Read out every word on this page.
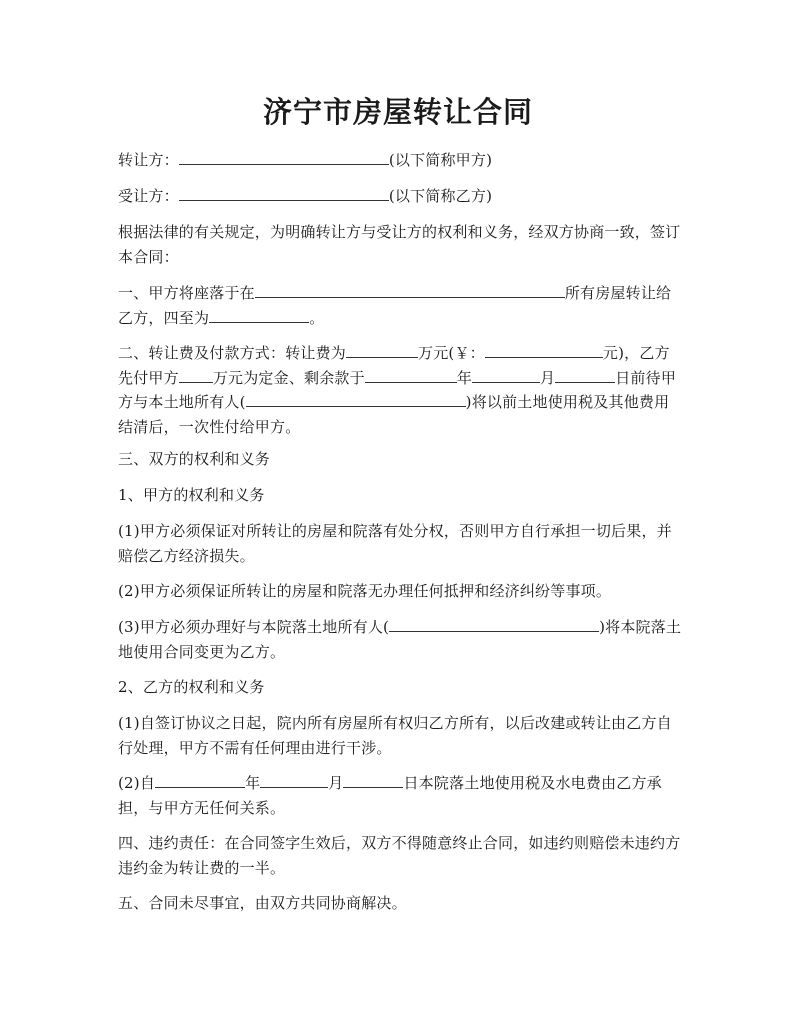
济宁市房屋转让合同

转让方：	(以下简称甲方)

受让方：	(以下简称乙方)

根据法律的有关规定，为明确转让方与受让方的权利和义务，经双方协商一致，签订本合同：

一、甲方将座落于在	所有房屋转让给乙方，四至为	。

二、转让费及付款方式：转让费为	万元(￥：	元)，乙方先付甲方 万元为定金、剩余款于	年	月	日前待甲方与本土地所有人(	)将以前土地使用税及其他费用结清后，一次性付给甲方。

三、双方的权利和义务

1、甲方的权利和义务

(1)甲方必须保证对所转让的房屋和院落有处分权，否则甲方自行承担一切后果，并赔偿乙方经济损失。

(2)甲方必须保证所转让的房屋和院落无办理任何抵押和经济纠纷等事项。

(3)甲方必须办理好与本院落土地所有人(	)将本院落土地使用合同变更为乙方。

2、乙方的权利和义务

(1)自签订协议之日起，院内所有房屋所有权归乙方所有，以后改建或转让由乙方自行处理，甲方不需有任何理由进行干涉。

(2)自	年	月	日本院落土地使用税及水电费由乙方承担，与甲方无任何关系。

四、违约责任：在合同签字生效后，双方不得随意终止合同，如违约则赔偿未违约方违约金为转让费的一半。

五、合同未尽事宜，由双方共同协商解决。
